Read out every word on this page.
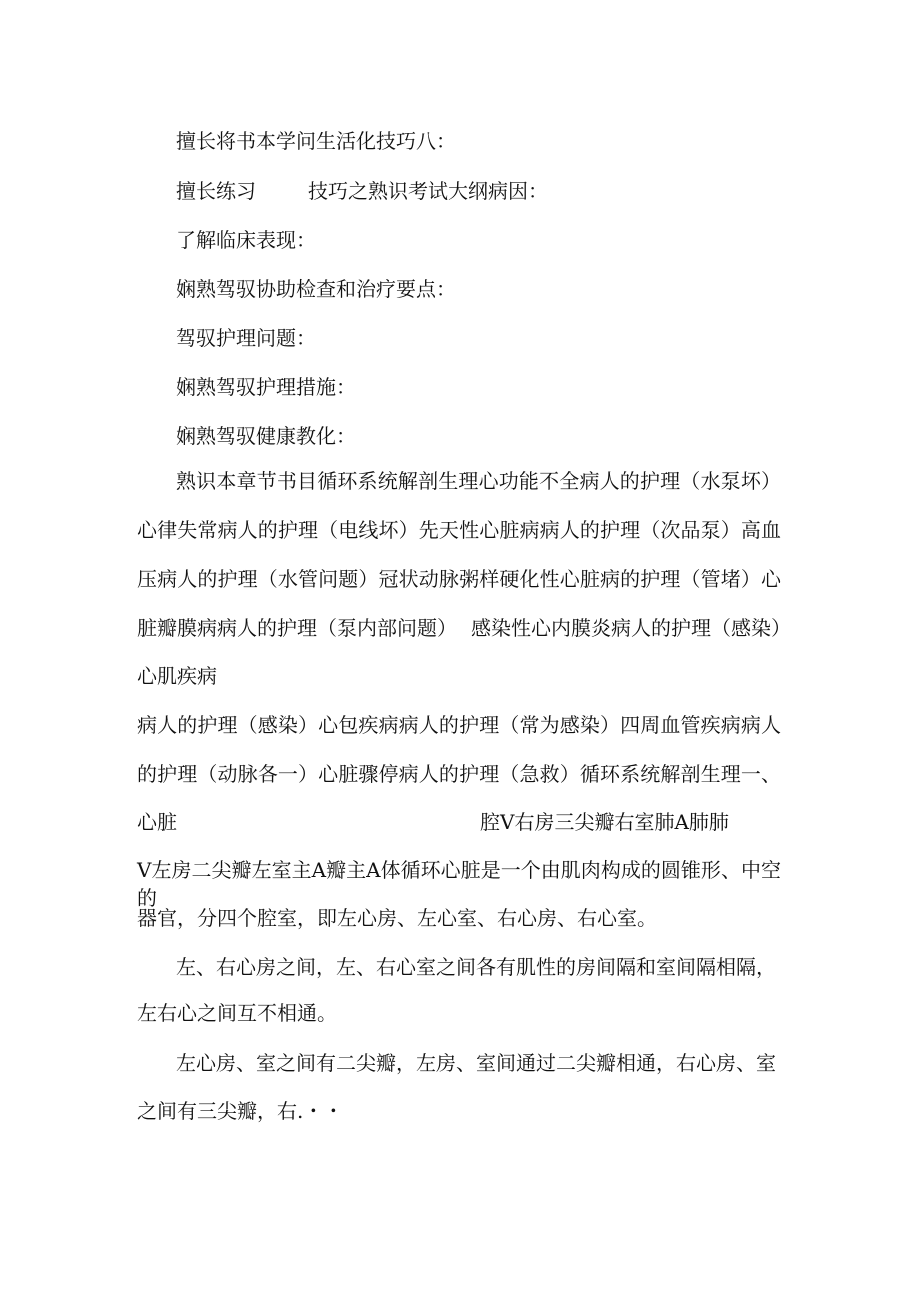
擅长将书本学问生活化技巧八：

擅长练习	技巧之熟识考试大纲病因：

了解临床表现：

娴熟驾驭协助检查和治疗要点：

驾驭护理问题：

娴熟驾驭护理措施：

娴熟驾驭健康教化：

熟识本章节书目循环系统解剖生理心功能不全病人的护理（水泵坏）

心律失常病人的护理（电线坏）先天性心脏病病人的护理（次品泵）高血

压病人的护理（水管问题）冠状动脉粥样硬化性心脏病的护理（管堵）心

脏瓣膜病病人的护理（泵内部问题） 感染性心内膜炎病人的护理（感染）

心肌疾病

病人的护理（感染）心包疾病病人的护理（常为感染）四周血管疾病病人

的护理（动脉各一）心脏骤停病人的护理（急救）循环系统解剖生理一、

心脏	腔V右房三尖瓣右室肺A肺肺

V左房二尖瓣左室主A瓣主A体循环心脏是一个由肌肉构成的圆锥形、中空的

器官，分四个腔室，即左心房、左心室、右心房、右心室。

左、右心房之间，左、右心室之间各有肌性的房间隔和室间隔相隔，

左右心之间互不相通。

左心房、室之间有二尖瓣，左房、室间通过二尖瓣相通，右心房、室

之间有三尖瓣，右.・・
